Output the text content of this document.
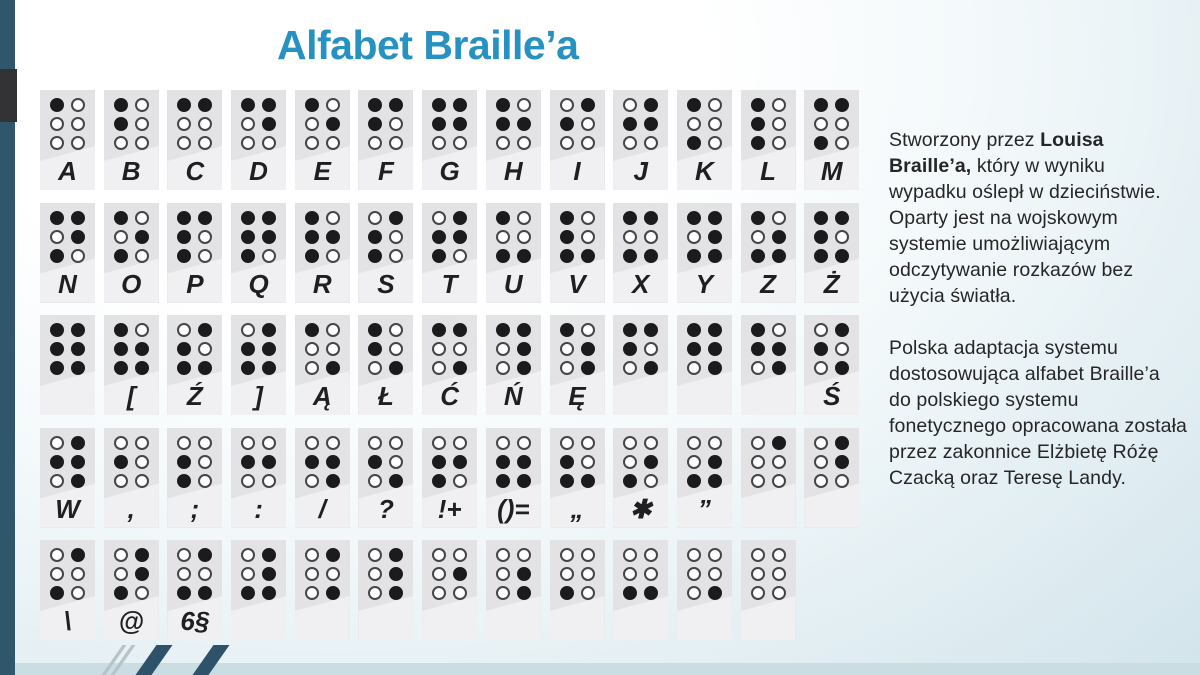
Alfabet Braille’a
A	B	C	D	E	F	G	H	I	J	K	L	M
N	O	P	Q	R	S	T	U	V	X	Y	Z	Ż
[	Ź	]	Ą	Ł	Ć	Ń	Ę	Ś
W	,	;	:	/	?	!+	()=	„	✱	”
\	@	6§

Stworzony przez Louisa Braille’a, który w wyniku wypadku oślepł w dzieciństwie. Oparty jest na wojskowym systemie umożliwiającym odczytywanie rozkazów bez użycia światła.

Polska adaptacja systemu dostosowująca alfabet Braille’a do polskiego systemu fonetycznego opracowana została przez zakonnice Elżbietę Różę Czacką oraz Teresę Landy.
